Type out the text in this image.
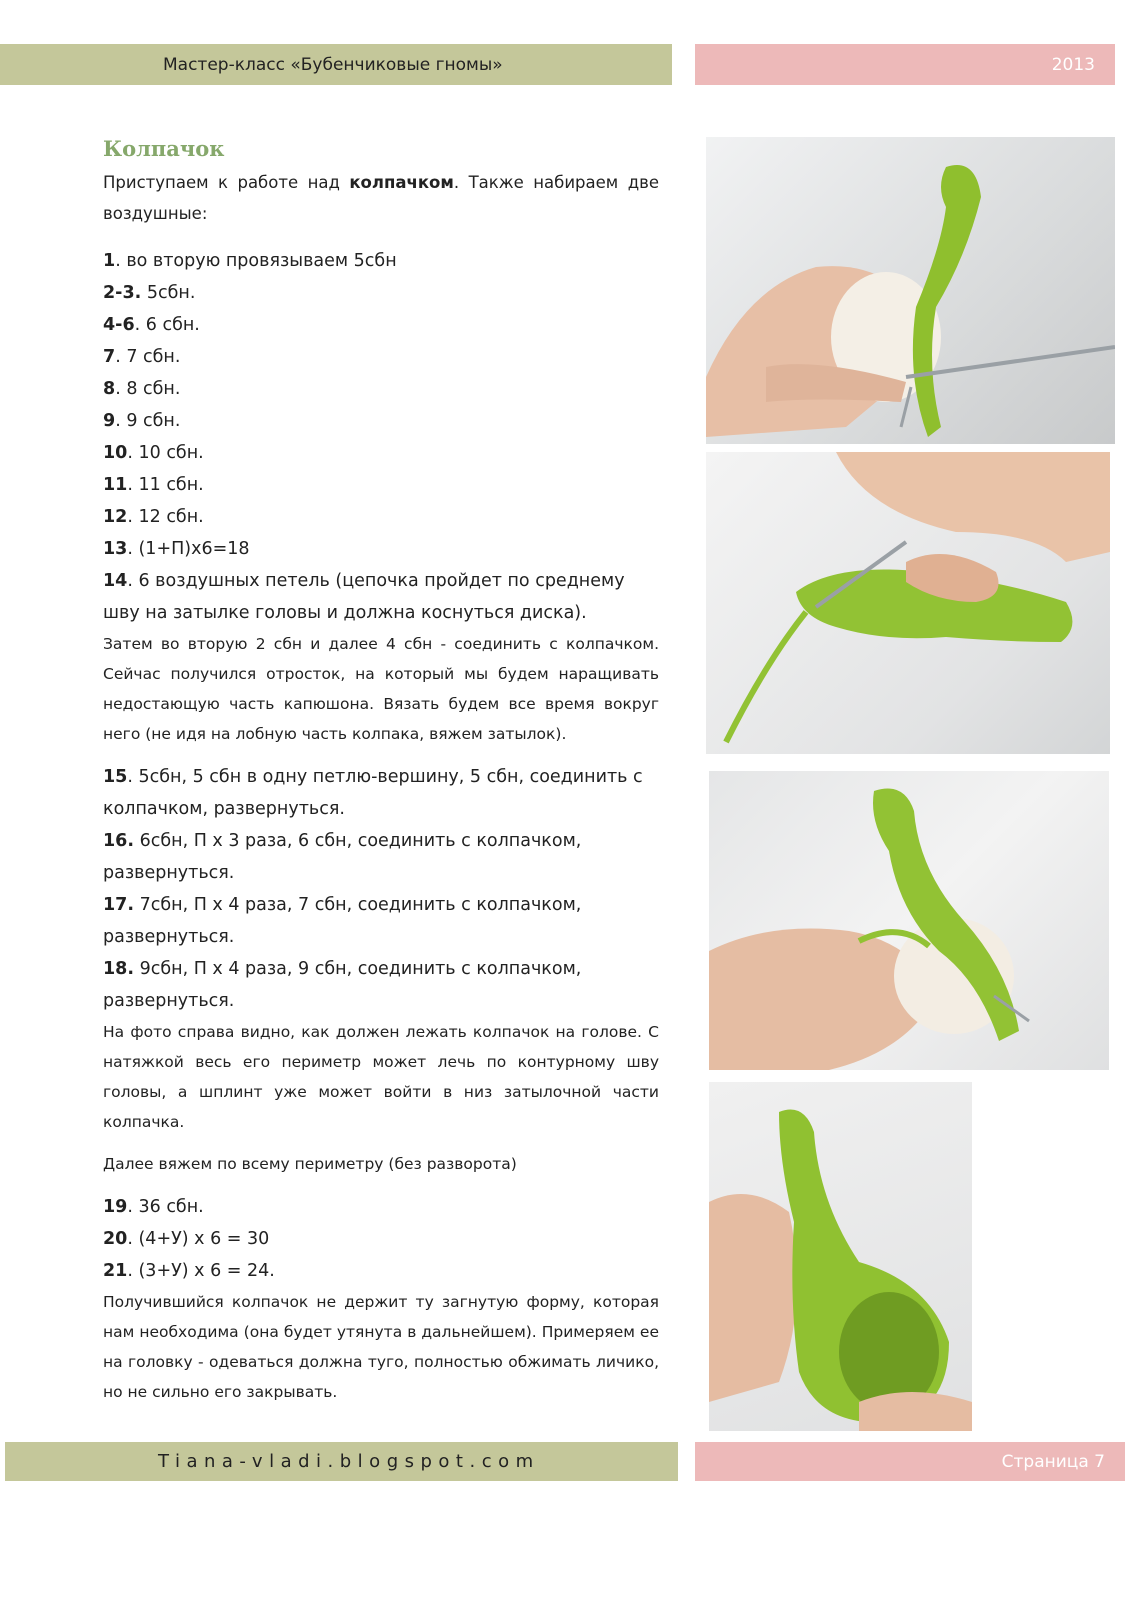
Мастер-класс «Бубенчиковые гномы»	2013
Колпачок

Приступаем к работе над колпачком. Также набираем две воздушные:

1. во вторую провязываем 5сбн

2-3. 5сбн.

4-6. 6 сбн.

7. 7 сбн.

8. 8 сбн.

9. 9 сбн.

10. 10 сбн.

11. 11 сбн.

12. 12 сбн.

13. (1+П)х6=18

14. 6 воздушных петель (цепочка пройдет по среднему шву на затылке головы и должна коснуться диска).

Затем во вторую 2 сбн и далее 4 сбн - соединить с колпачком. Сейчас получился отросток, на который мы будем наращивать недостающую часть капюшона. Вязать будем все время вокруг него (не идя на лобную часть колпака, вяжем затылок).

15. 5сбн, 5 сбн в одну петлю-вершину, 5 сбн, соединить с колпачком, развернуться.

16. 6сбн, П х 3 раза, 6 сбн, соединить с колпачком, развернуться.

17. 7сбн, П х 4 раза, 7 сбн, соединить с колпачком, развернуться.

18. 9сбн, П х 4 раза, 9 сбн, соединить с колпачком, развернуться.

На фото справа видно, как должен лежать колпачок на голове. С натяжкой весь его периметр может лечь по контурному шву головы, а шплинт уже может войти в низ затылочной части колпачка.

Далее вяжем по всему периметру (без разворота)

19. 36 сбн.

20. (4+У) х 6 = 30

21. (3+У) х 6 = 24.

Получившийся колпачок не держит ту загнутую форму, которая нам необходима (она будет утянута в дальнейшем). Примеряем ее на головку - одеваться должна туго, полностью обжимать личико, но не сильно его закрывать.

Tiana-vladi.blogspot.com	Страница 7
